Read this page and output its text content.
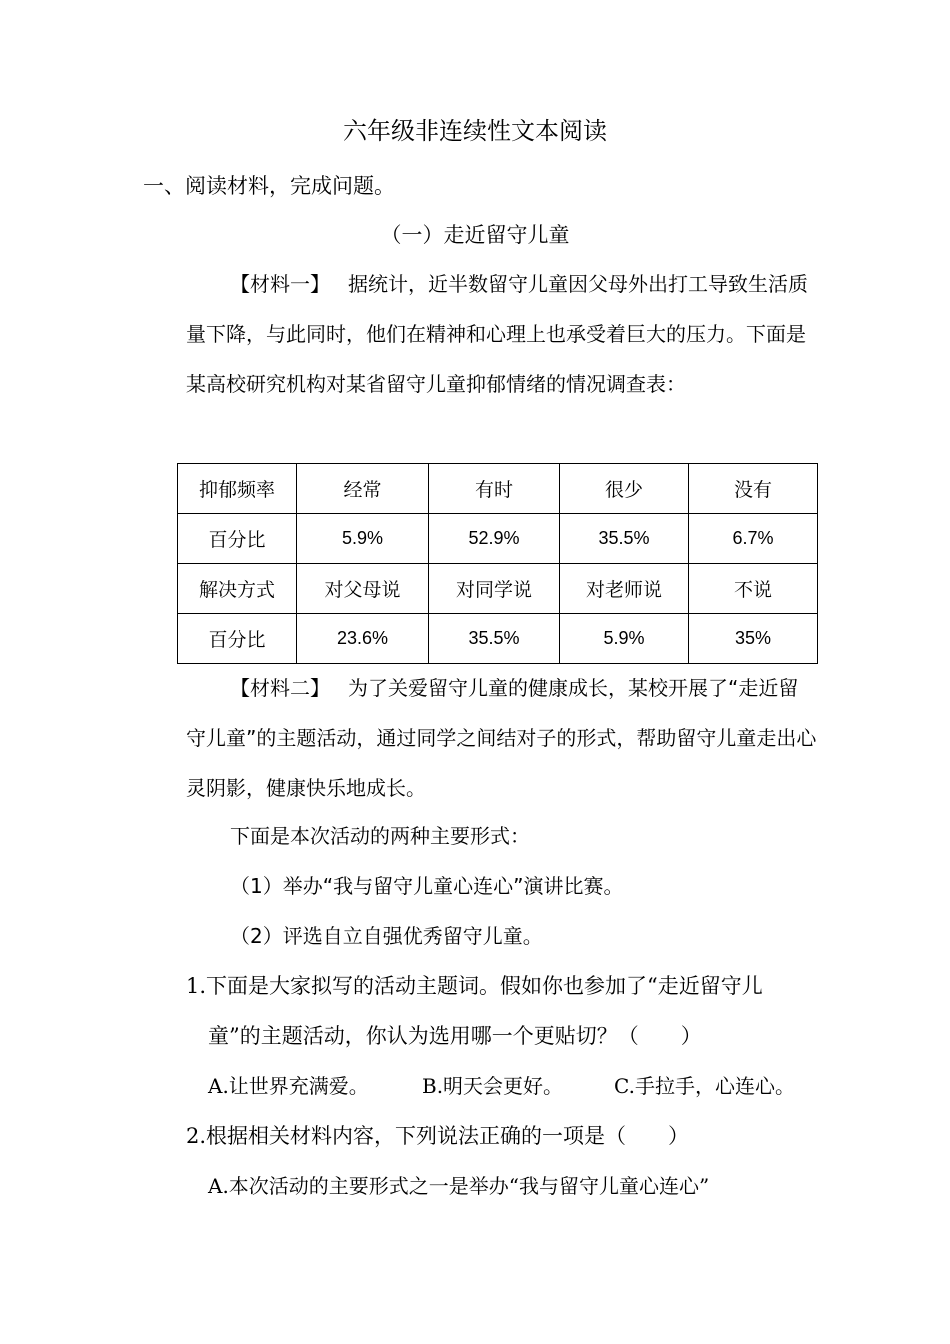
六年级非连续性文本阅读
一、阅读材料，完成问题。
（一）走近留守儿童
【材料一】 据统计，近半数留守儿童因父母外出打工导致生活质量下降，与此同时，他们在精神和心理上也承受着巨大的压力。下面是某高校研究机构对某省留守儿童抑郁情绪的情况调查表：
抑郁频率	经常	有时	很少	没有
百分比	5.9%	52.9%	35.5%	6.7%
解决方式	对父母说	对同学说	对老师说	不说
百分比	23.6%	35.5%	5.9%	35%
【材料二】 为了关爱留守儿童的健康成长，某校开展了“走近留守儿童”的主题活动，通过同学之间结对子的形式，帮助留守儿童走出心灵阴影，健康快乐地成长。
下面是本次活动的两种主要形式：
（1）举办“我与留守儿童心连心”演讲比赛。
（2）评选自立自强优秀留守儿童。
1.下面是大家拟写的活动主题词。假如你也参加了“走近留守儿
童”的主题活动，你认为选用哪一个更贴切？（　　）
A.让世界充满爱。	B.明天会更好。	C.手拉手，心连心。
2.根据相关材料内容，下列说法正确的一项是（　　）
A.本次活动的主要形式之一是举办“我与留守儿童心连心”
